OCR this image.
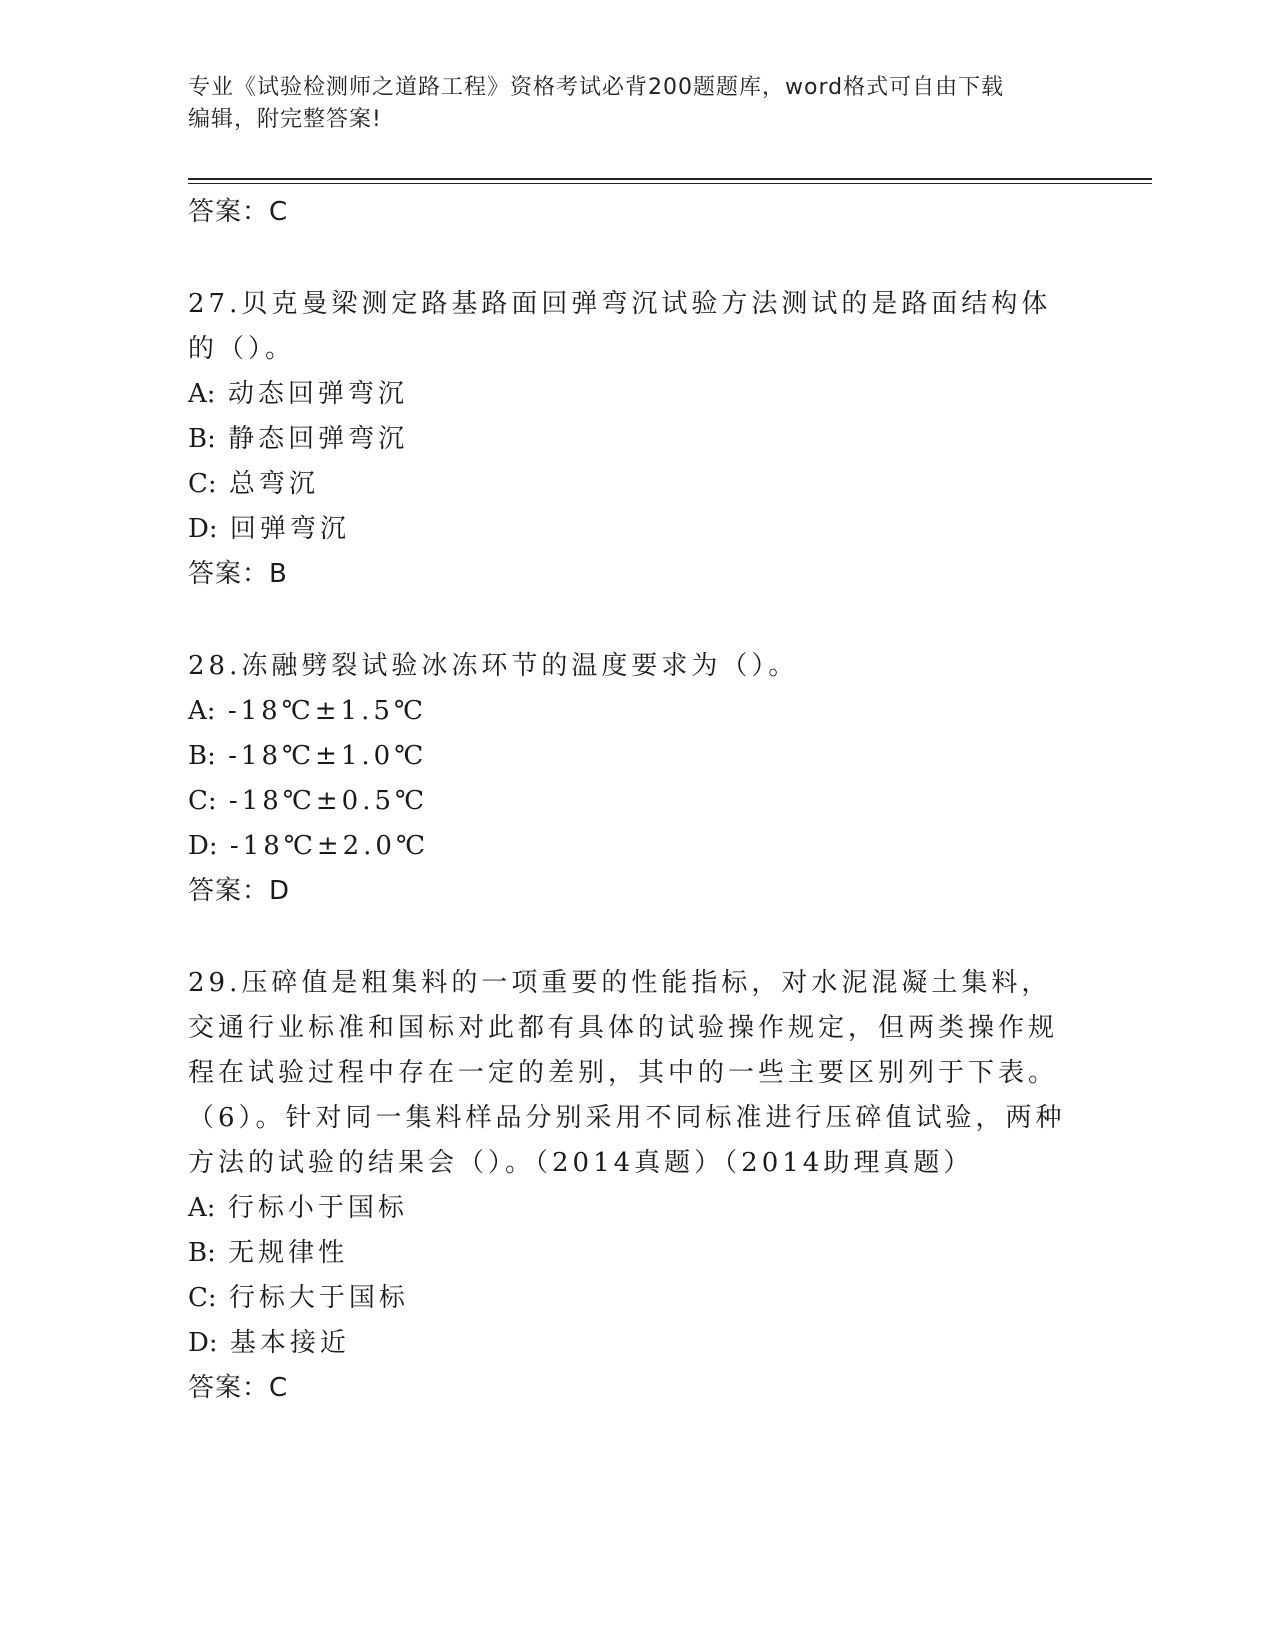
专业《试验检测师之道路工程》资格考试必背200题题库，word格式可自由下载
编辑，附完整答案!
答案：C
27.贝克曼梁测定路基路面回弹弯沉试验方法测试的是路面结构体的（）。
A: 动态回弹弯沉
B: 静态回弹弯沉
C: 总弯沉
D: 回弹弯沉
答案：B
28.冻融劈裂试验冰冻环节的温度要求为（）。
A: -18℃±1.5℃
B: -18℃±1.0℃
C: -18℃±0.5℃
D: -18℃±2.0℃
答案：D
29.压碎值是粗集料的一项重要的性能指标，对水泥混凝土集料，交通行业标准和国标对此都有具体的试验操作规定，但两类操作规程在试验过程中存在一定的差别，其中的一些主要区别列于下表。（6）。针对同一集料样品分别采用不同标准进行压碎值试验，两种方法的试验的结果会（）。（2014真题）（2014助理真题）
A: 行标小于国标
B: 无规律性
C: 行标大于国标
D: 基本接近
答案：C
